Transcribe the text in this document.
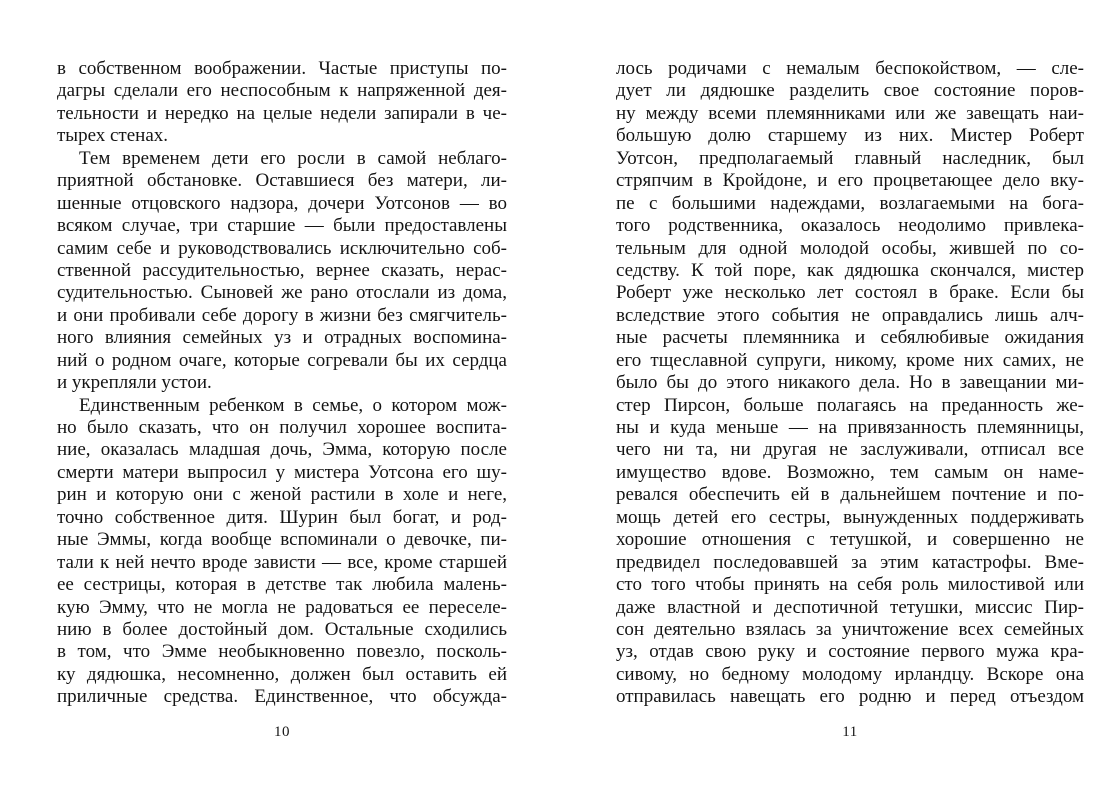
в собственном воображении. Частые приступы по-
дагры сделали его неспособным к напряженной дея-
тельности и нередко на целые недели запирали в че-
тырех стенах.
Тем временем дети его росли в самой неблаго-
приятной обстановке. Оставшиеся без матери, ли-
шенные отцовского надзора, дочери Уотсонов — во
всяком случае, три старшие — были предоставлены
самим себе и руководствовались исключительно соб-
ственной рассудительностью, вернее сказать, нерас-
судительностью. Сыновей же рано отослали из дома,
и они пробивали себе дорогу в жизни без смягчитель-
ного влияния семейных уз и отрадных воспомина-
ний о родном очаге, которые согревали бы их сердца
и укрепляли устои.
Единственным ребенком в семье, о котором мож-
но было сказать, что он получил хорошее воспита-
ние, оказалась младшая дочь, Эмма, которую после
смерти матери выпросил у мистера Уотсона его шу-
рин и которую они с женой растили в холе и неге,
точно собственное дитя. Шурин был богат, и род-
ные Эммы, когда вообще вспоминали о девочке, пи-
тали к ней нечто вроде зависти — все, кроме старшей
ее сестрицы, которая в детстве так любила малень-
кую Эмму, что не могла не радоваться ее переселе-
нию в более достойный дом. Остальные сходились
в том, что Эмме необыкновенно повезло, посколь-
ку дядюшка, несомненно, должен был оставить ей
приличные средства. Единственное, что обсужда-
лось родичами с немалым беспокойством, — сле-
дует ли дядюшке разделить свое состояние поров-
ну между всеми племянниками или же завещать наи-
большую долю старшему из них. Мистер Роберт
Уотсон, предполагаемый главный наследник, был
стряпчим в Кройдоне, и его процветающее дело вку-
пе с большими надеждами, возлагаемыми на бога-
того родственника, оказалось неодолимо привлека-
тельным для одной молодой особы, жившей по со-
седству. К той поре, как дядюшка скончался, мистер
Роберт уже несколько лет состоял в браке. Если бы
вследствие этого события не оправдались лишь алч-
ные расчеты племянника и себялюбивые ожидания
его тщеславной супруги, никому, кроме них самих, не
было бы до этого никакого дела. Но в завещании ми-
стер Пирсон, больше полагаясь на преданность же-
ны и куда меньше — на привязанность племянницы,
чего ни та, ни другая не заслуживали, отписал все
имущество вдове. Возможно, тем самым он наме-
ревался обеспечить ей в дальнейшем почтение и по-
мощь детей его сестры, вынужденных поддерживать
хорошие отношения с тетушкой, и совершенно не
предвидел последовавшей за этим катастрофы. Вме-
сто того чтобы принять на себя роль милостивой или
даже властной и деспотичной тетушки, миссис Пир-
сон деятельно взялась за уничтожение всех семейных
уз, отдав свою руку и состояние первого мужа кра-
сивому, но бедному молодому ирландцу. Вскоре она
отправилась навещать его родню и перед отъездом
10	11
